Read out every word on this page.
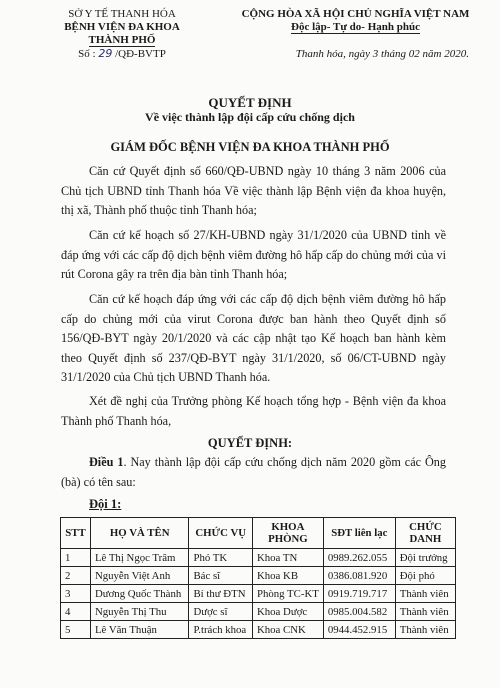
SỞ Y TẾ THANH HÓA
BỆNH VIỆN ĐA KHOA
THÀNH PHỐ
Số : 29 /QĐ-BVTP
CỘNG HÒA XÃ HỘI CHỦ NGHĨA VIỆT NAM
Độc lập- Tự do- Hạnh phúc
Thanh hóa, ngày 3 tháng 02 năm 2020.
QUYẾT ĐỊNH
Về việc thành lập đội cấp cứu chống dịch
GIÁM ĐỐC BỆNH VIỆN ĐA KHOA THÀNH PHỐ
Căn cứ Quyết định số 660/QĐ-UBND ngày 10 tháng 3 năm 2006 của Chủ tịch UBND tỉnh Thanh hóa Về việc thành lập Bệnh viện đa khoa huyện, thị xã, Thành phố thuộc tỉnh Thanh hóa;
Căn cứ kế hoạch số 27/KH-UBND ngày 31/1/2020 của UBND tỉnh về đáp ứng với các cấp độ dịch bệnh viêm đường hô hấp cấp do chủng mới của vi rút Corona gây ra trên địa bàn tỉnh Thanh hóa;
Căn cứ kế hoạch đáp ứng với các cấp độ dịch bệnh viêm đường hô hấp cấp do chủng mới của virut Corona được ban hành theo Quyết định số 156/QĐ-BYT ngày 20/1/2020 và các cập nhật tạo Kế hoạch ban hành kèm theo Quyết định số 237/QĐ-BYT ngày 31/1/2020, số 06/CT-UBND ngày 31/1/2020 của Chủ tịch UBND Thanh hóa.
Xét đề nghị của Trưởng phòng Kế hoạch tổng hợp - Bệnh viện đa khoa Thành phố Thanh hóa,
QUYẾT ĐỊNH:
Điều 1. Nay thành lập đội cấp cứu chống dịch năm 2020 gồm các Ông (bà) có tên sau:
Đội 1:
STT	HỌ VÀ TÊN	CHỨC VỤ	KHOA PHÒNG	SĐT liên lạc	CHỨC DANH
1	Lê Thị Ngọc Trâm	Phó TK	Khoa TN	0989.262.055	Đội trưởng
2	Nguyễn Việt Anh	Bác sĩ	Khoa KB	0386.081.920	Đội phó
3	Dương Quốc Thành	Bí thư ĐTN	Phòng TC-KT	0919.719.717	Thành viên
4	Nguyễn Thị Thu	Dược sĩ	Khoa Dược	0985.004.582	Thành viên
5	Lê Văn Thuận	P.trách khoa	Khoa CNK	0944.452.915	Thành viên
